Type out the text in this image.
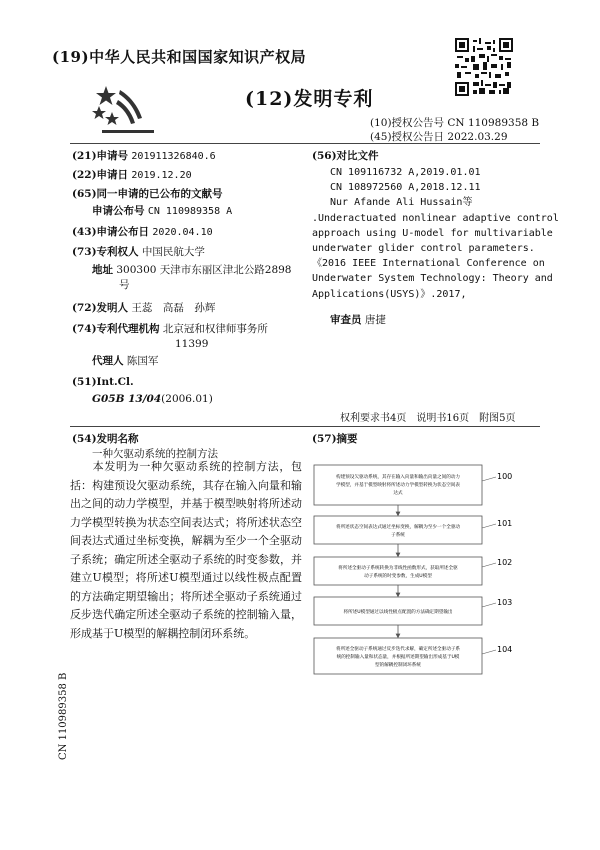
(19)中华人民共和国国家知识产权局
(12)发明专利
(10)授权公告号 CN 110989358 B
(45)授权公告日 2022.03.29
(21)申请号 201911326840.6
(22)申请日 2019.12.20
(65)同一申请的已公布的文献号
申请公布号 CN 110989358 A
(43)申请公布日 2020.04.10
(73)专利权人 中国民航大学
地址 300300 天津市东丽区津北公路2898
号
(72)发明人 王蕊　高磊　孙辉
(74)专利代理机构 北京冠和权律师事务所
11399
代理人 陈国军
(51)Int.Cl.
G05B 13/04(2006.01)
(56)对比文件
CN 109116732 A,2019.01.01
CN 108972560 A,2018.12.11
Nur Afande Ali Hussain等
.Underactuated nonlinear adaptive control
approach using U-model for multivariable
underwater glider control parameters.
《2016 IEEE International Conference on
Underwater System Technology: Theory and
Applications(USYS)》.2017,
审查员 唐捷
权利要求书4页　说明书16页　附图5页
(54)发明名称
一种欠驱动系统的控制方法
(57)摘要
本发明为一种欠驱动系统的控制方法，包括：构建预设欠驱动系统，其存在输入向量和输出之间的动力学模型，并基于模型映射将所述动力学模型转换为状态空间表达式；将所述状态空间表达式通过坐标变换，解耦为至少一个全驱动子系统；确定所述全驱动子系统的时变参数，并建立U模型；将所述U模型通过以线性极点配置的方法确定期望输出；将所述全驱动子系统通过反步迭代确定所述全驱动子系统的控制输入量，形成基于U模型的解耦控制闭环系统。
构建预设欠驱动系统，其存在输入向量和输出向量之间的动力
学模型，并基于模型映射将所述动力学模型转换为状态空间表
达式
100
将所述状态空间表达式通过坐标变换，解耦为至少一个全驱动
子系统
101
将所述全驱动子系统转换为非线性函数形式，获取所述全驱
动子系统的时变参数，生成U模型
102
将所述U模型通过以线性极点配置的方法确定期望输出
103
将所述全驱动子系统通过反步迭代求解，确定所述全驱动子系
统的控制输入量和状态量，并根据所述期望输出形成基于U模
型的解耦控制闭环系统
104
CN 110989358 B
